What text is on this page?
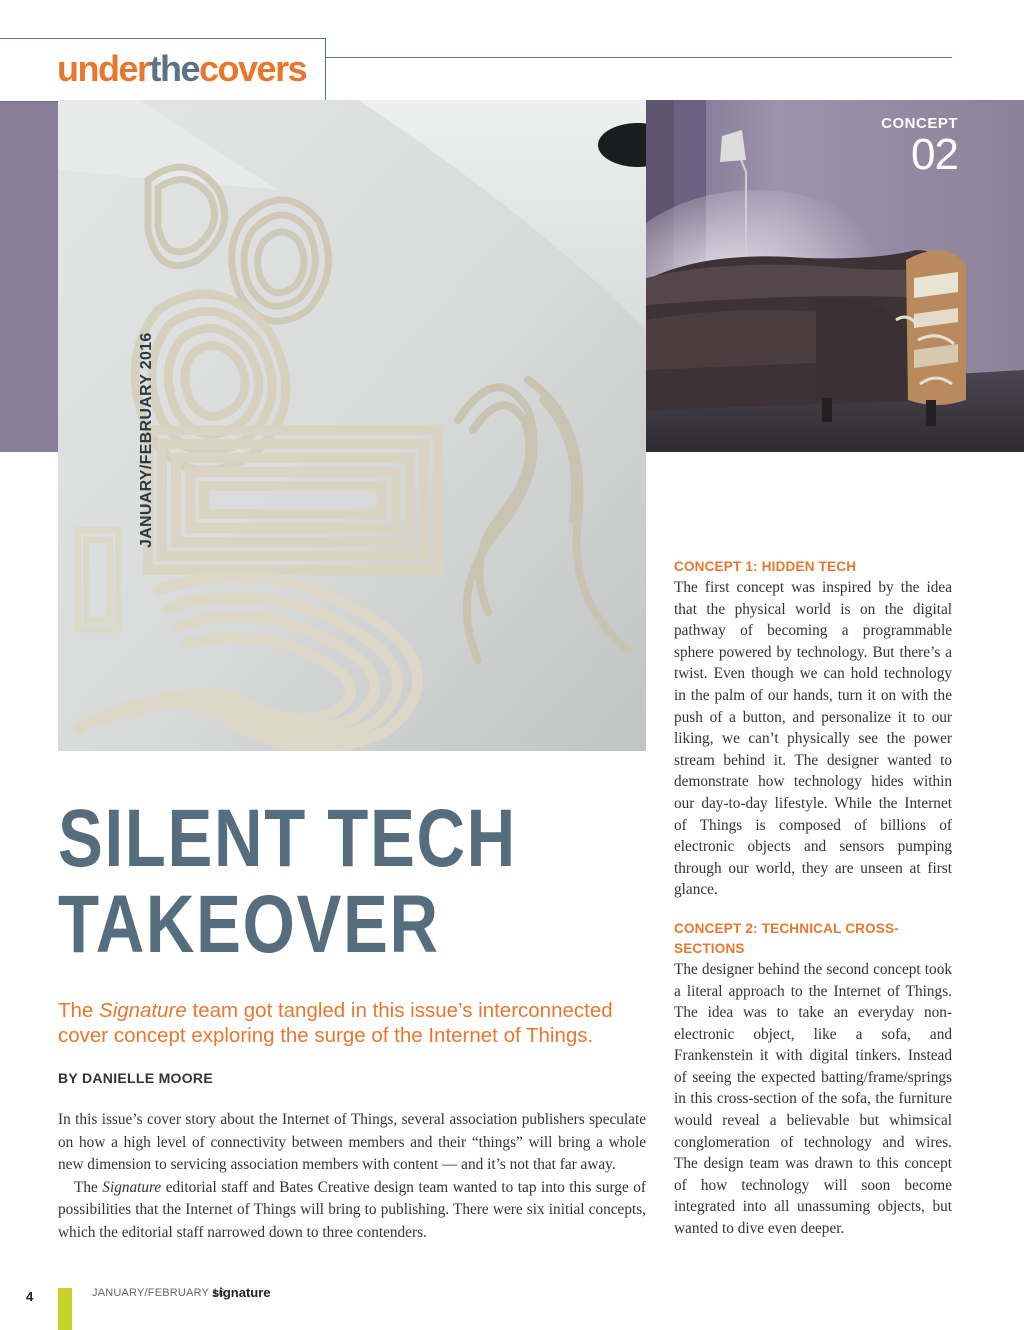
underthecovers
JANUARY/FEBRUARY 2016
CONCEPT
02
SILENT TECH
TAKEOVER
The Signature team got tangled in this issue’s interconnected cover concept exploring the surge of the Internet of Things.
BY DANIELLE MOORE

In this issue’s cover story about the Internet of Things, several association publishers speculate on how a high level of connectivity between members and their “things” will bring a whole new dimension to servicing association members with content — and it’s not that far away.

The Signature editorial staff and Bates Creative design team wanted to tap into this surge of possibilities that the Internet of Things will bring to publishing. There were six initial concepts, which the editorial staff narrowed down to three contenders.

CONCEPT 1: HIDDEN TECH

The first concept was inspired by the idea that the physical world is on the digital pathway of becoming a programmable sphere powered by technology. But there’s a twist. Even though we can hold technology in the palm of our hands, turn it on with the push of a button, and personalize it to our liking, we can’t physically see the power stream behind it. The designer wanted to demonstrate how technology hides within our day-to-day lifestyle. While the Internet of Things is composed of billions of electronic objects and sensors pumping through our world, they are unseen at first glance.

CONCEPT 2: TECHNICAL CROSS-SECTIONS

The designer behind the second concept took a literal approach to the Internet of Things. The idea was to take an everyday non-electronic object, like a sofa, and Frankenstein it with digital tinkers. Instead of seeing the expected batting/frame/springs in this cross-section of the sofa, the furniture would reveal a believable but whimsical conglomeration of technology and wires. The design team was drawn to this concept of how technology will soon become integrated into all unassuming objects, but wanted to dive even deeper.

4	JANUARY/FEBRUARY 16
signature
